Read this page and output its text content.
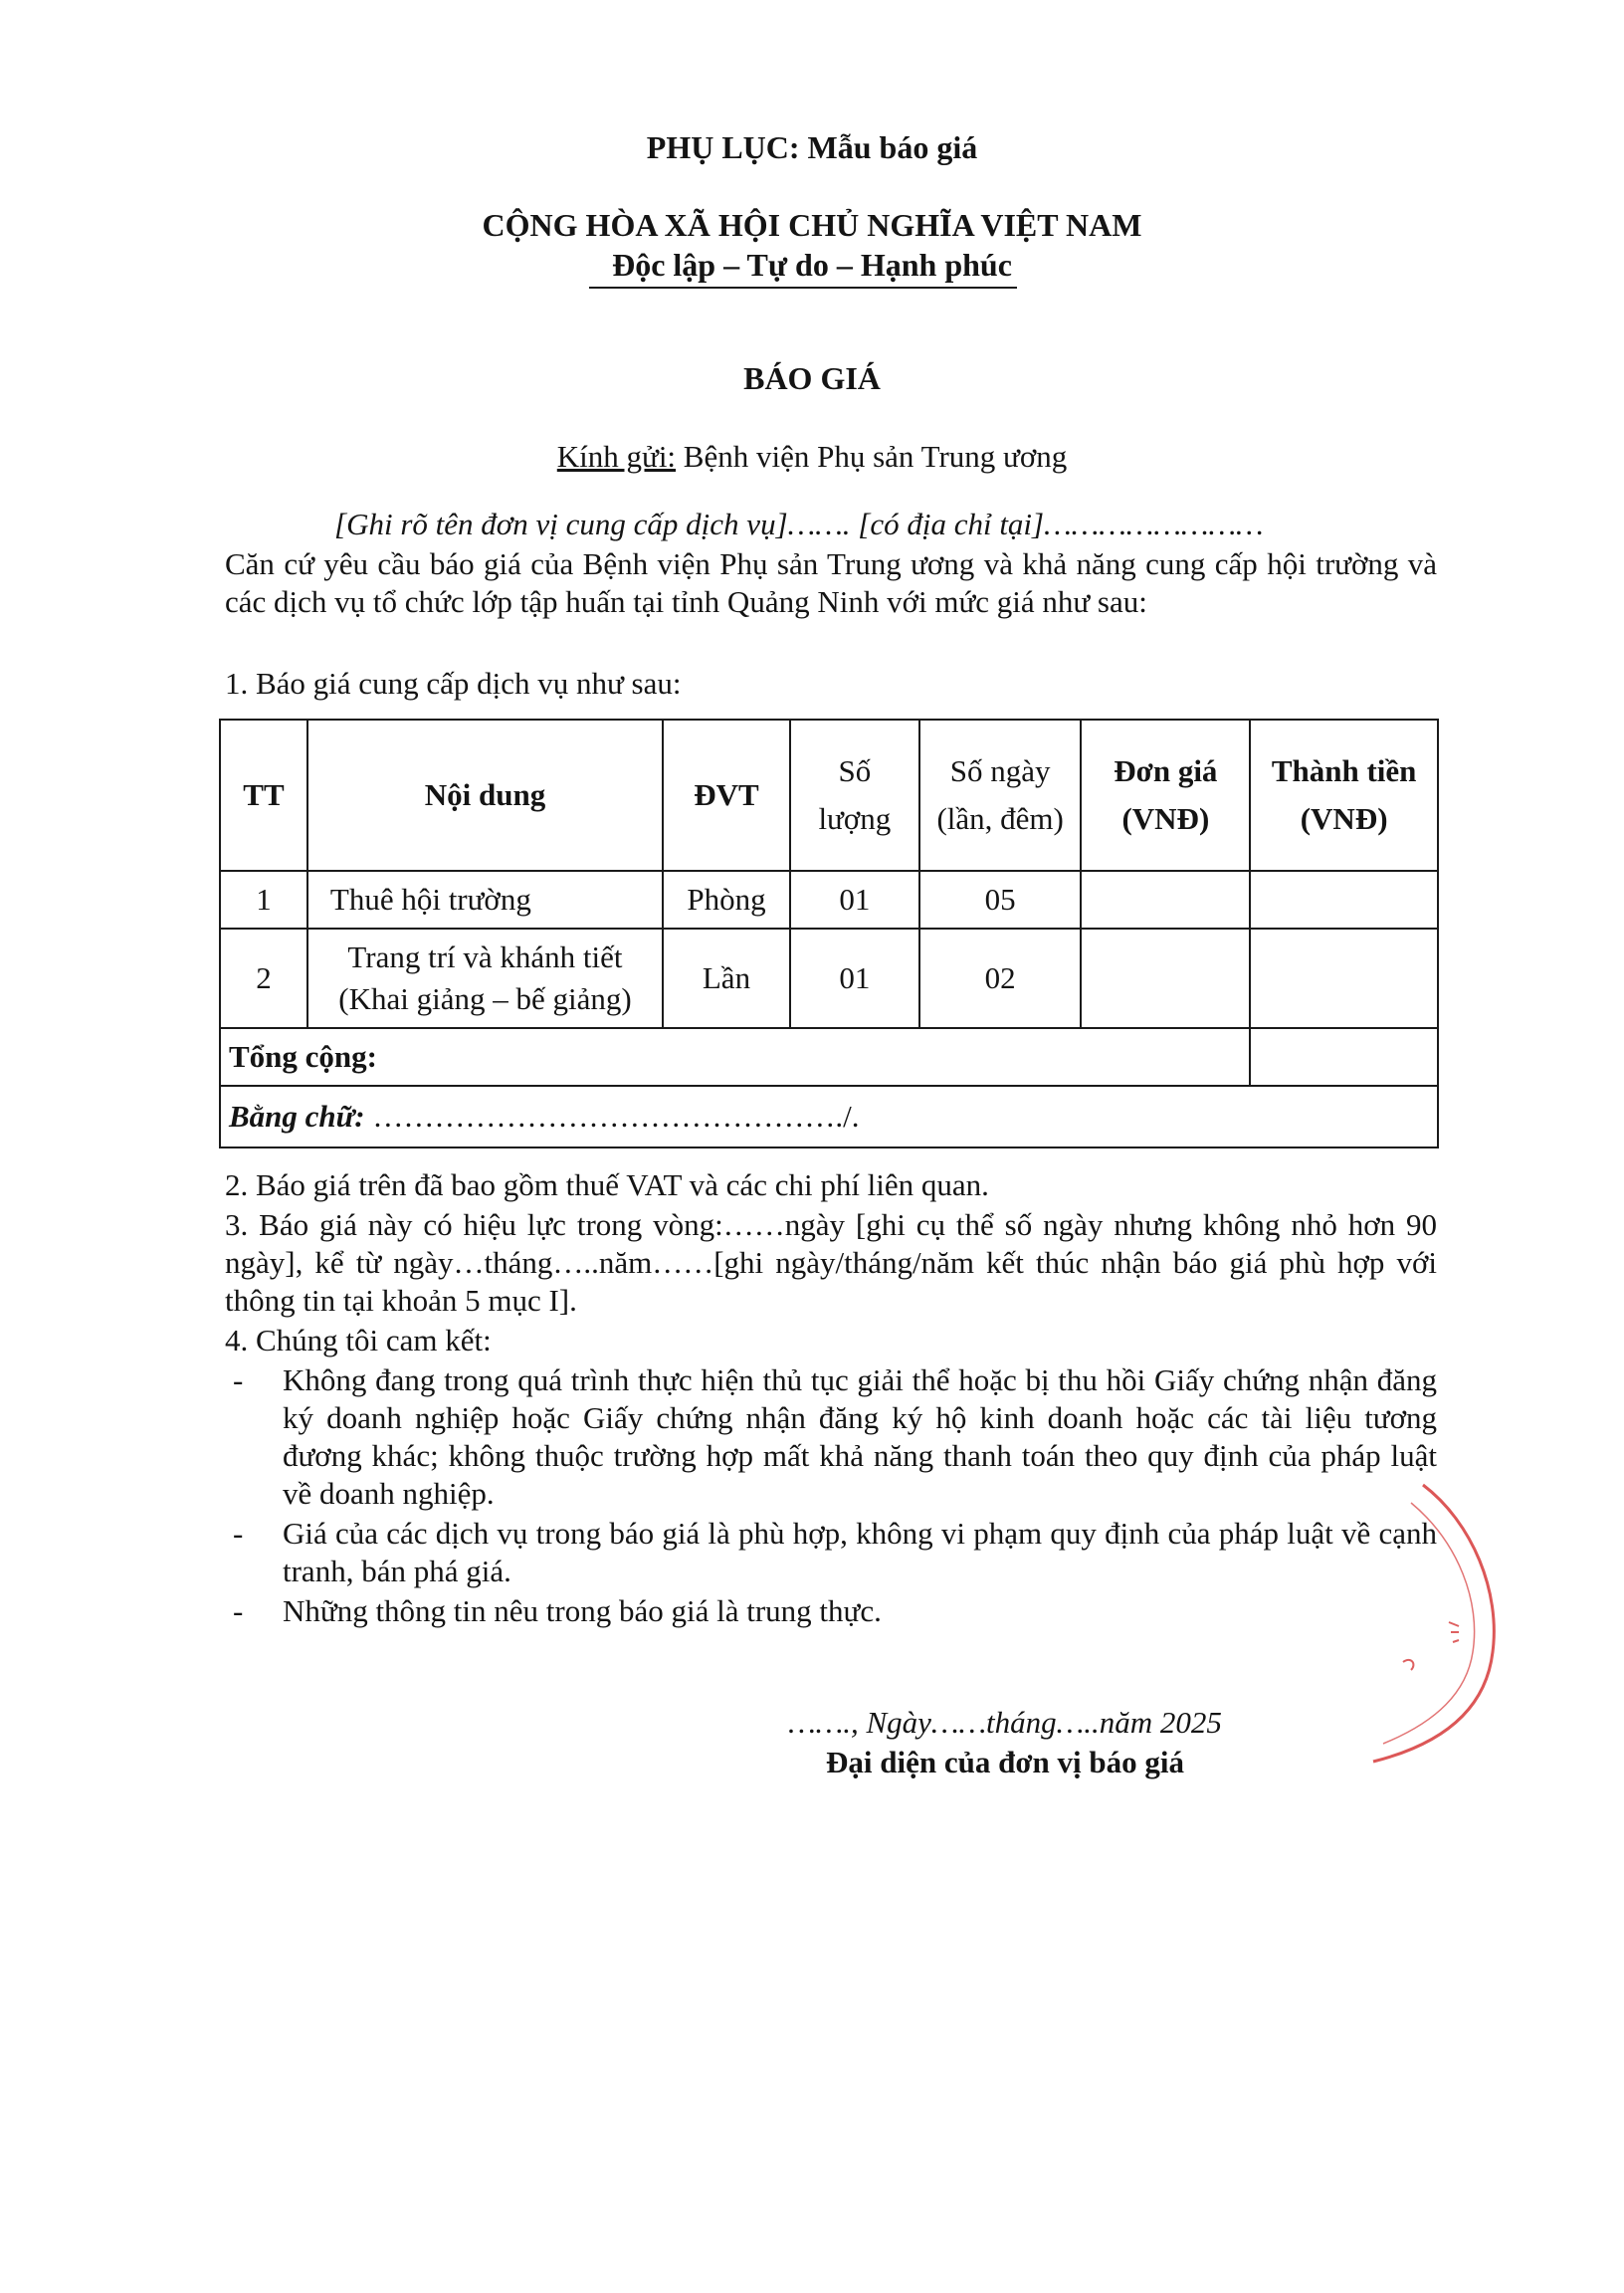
PHỤ LỤC: Mẫu báo giá
CỘNG HÒA XÃ HỘI CHỦ NGHĨA VIỆT NAM
Độc lập – Tự do – Hạnh phúc
BÁO GIÁ
Kính gửi: Bệnh viện Phụ sản Trung ương
[Ghi rõ tên đơn vị cung cấp dịch vụ]……. [có địa chỉ tại]……………………
Căn cứ yêu cầu báo giá của Bệnh viện Phụ sản Trung ương và khả năng cung cấp hội trường và các dịch vụ tổ chức lớp tập huấn tại tỉnh Quảng Ninh với mức giá như sau:
1. Báo giá cung cấp dịch vụ như sau:
TT	Nội dung	ĐVT	Số lượng	Số ngày (lần, đêm)	Đơn giá (VNĐ)	Thành tiền (VNĐ)
1	Thuê hội trường	Phòng	01	05		
2	Trang trí và khánh tiết (Khai giảng – bế giảng)	Lần	01	02		
Tổng cộng:						
Bằng chữ: ………………………………………./.						
2. Báo giá trên đã bao gồm thuế VAT và các chi phí liên quan.
3. Báo giá này có hiệu lực trong vòng:……ngày [ghi cụ thể số ngày nhưng không nhỏ hơn 90 ngày], kể từ ngày…tháng…..năm……[ghi ngày/tháng/năm kết thúc nhận báo giá phù hợp với thông tin tại khoản 5 mục I].
4. Chúng tôi cam kết:
-	Không đang trong quá trình thực hiện thủ tục giải thể hoặc bị thu hồi Giấy chứng nhận đăng ký doanh nghiệp hoặc Giấy chứng nhận đăng ký hộ kinh doanh hoặc các tài liệu tương đương khác; không thuộc trường hợp mất khả năng thanh toán theo quy định của pháp luật về doanh nghiệp.
-	Giá của các dịch vụ trong báo giá là phù hợp, không vi phạm quy định của pháp luật về cạnh tranh, bán phá giá.
-	Những thông tin nêu trong báo giá là trung thực.
……., Ngày……tháng…..năm 2025
Đại diện của đơn vị báo giá
